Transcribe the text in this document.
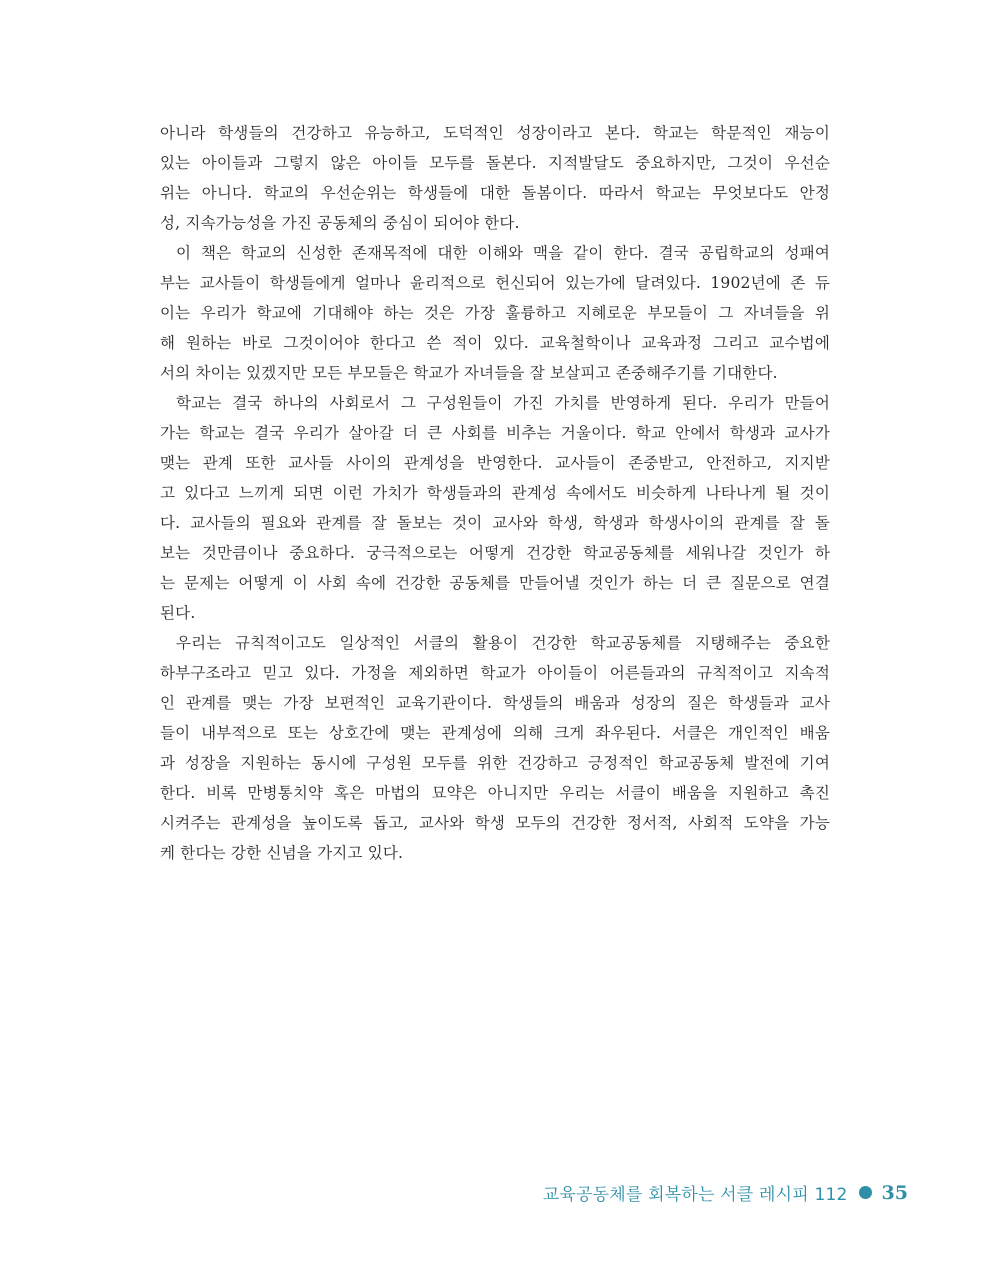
아니라 학생들의 건강하고 유능하고, 도덕적인 성장이라고 본다. 학교는 학문적인 재능이
있는 아이들과 그렇지 않은 아이들 모두를 돌본다. 지적발달도 중요하지만, 그것이 우선순
위는 아니다. 학교의 우선순위는 학생들에 대한 돌봄이다. 따라서 학교는 무엇보다도 안정
성, 지속가능성을 가진 공동체의 중심이 되어야 한다.
이 책은 학교의 신성한 존재목적에 대한 이해와 맥을 같이 한다. 결국 공립학교의 성패여
부는 교사들이 학생들에게 얼마나 윤리적으로 헌신되어 있는가에 달려있다. 1902년에 존 듀
이는 우리가 학교에 기대해야 하는 것은 가장 훌륭하고 지혜로운 부모들이 그 자녀들을 위
해 원하는 바로 그것이어야 한다고 쓴 적이 있다. 교육철학이나 교육과정 그리고 교수법에
서의 차이는 있겠지만 모든 부모들은 학교가 자녀들을 잘 보살피고 존중해주기를 기대한다.
학교는 결국 하나의 사회로서 그 구성원들이 가진 가치를 반영하게 된다. 우리가 만들어
가는 학교는 결국 우리가 살아갈 더 큰 사회를 비추는 거울이다. 학교 안에서 학생과 교사가
맺는 관계 또한 교사들 사이의 관계성을 반영한다. 교사들이 존중받고, 안전하고, 지지받
고 있다고 느끼게 되면 이런 가치가 학생들과의 관계성 속에서도 비슷하게 나타나게 될 것이
다. 교사들의 필요와 관계를 잘 돌보는 것이 교사와 학생, 학생과 학생사이의 관계를 잘 돌
보는 것만큼이나 중요하다. 궁극적으로는 어떻게 건강한 학교공동체를 세워나갈 것인가 하
는 문제는 어떻게 이 사회 속에 건강한 공동체를 만들어낼 것인가 하는 더 큰 질문으로 연결
된다.
우리는 규칙적이고도 일상적인 서클의 활용이 건강한 학교공동체를 지탱해주는 중요한
하부구조라고 믿고 있다. 가정을 제외하면 학교가 아이들이 어른들과의 규칙적이고 지속적
인 관계를 맺는 가장 보편적인 교육기관이다. 학생들의 배움과 성장의 질은 학생들과 교사
들이 내부적으로 또는 상호간에 맺는 관계성에 의해 크게 좌우된다. 서클은 개인적인 배움
과 성장을 지원하는 동시에 구성원 모두를 위한 건강하고 긍정적인 학교공동체 발전에 기여
한다. 비록 만병통치약 혹은 마법의 묘약은 아니지만 우리는 서클이 배움을 지원하고 촉진
시켜주는 관계성을 높이도록 돕고, 교사와 학생 모두의 건강한 정서적, 사회적 도약을 가능
케 한다는 강한 신념을 가지고 있다.
교육공동체를 회복하는 서클 레시피 112 35
